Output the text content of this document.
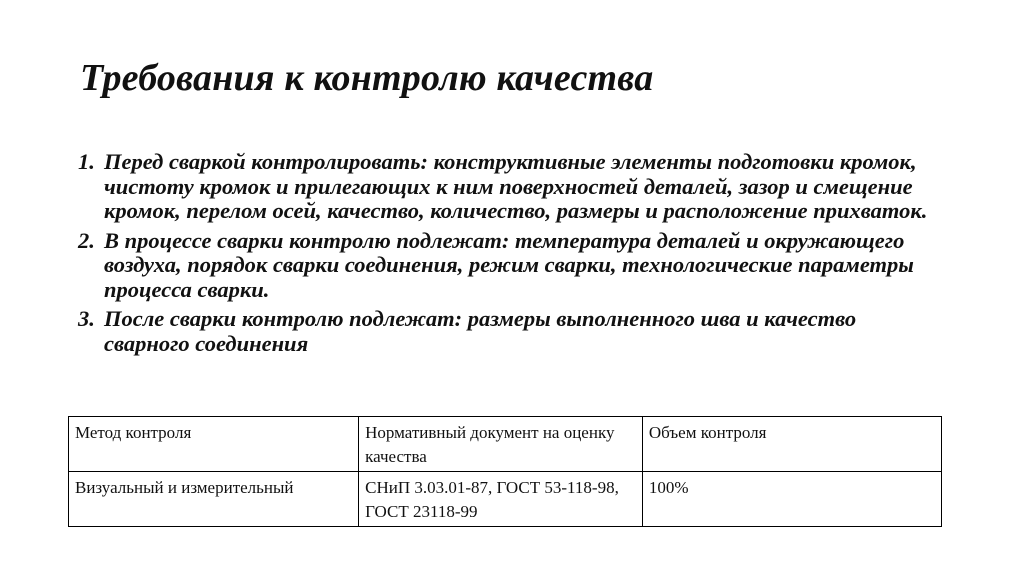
Требования к контролю качества
1. Перед сваркой контролировать: конструктивные элементы подготовки кромок, чистоту кромок и прилегающих к ним поверхностей деталей, зазор и смещение кромок, перелом осей, качество, количество, размеры и расположение прихваток.
2. В процессе сварки контролю подлежат: температура деталей и окружающего воздуха, порядок сварки соединения, режим сварки, технологические параметры процесса сварки.
3. После сварки контролю подлежат: размеры выполненного шва и качество сварного соединения
Метод контроля	Нормативный документ на оценку качества	Объем контроля
Визуальный и измерительный	СНиП 3.03.01-87, ГОСТ 53-118-98, ГОСТ 23118-99	100%
